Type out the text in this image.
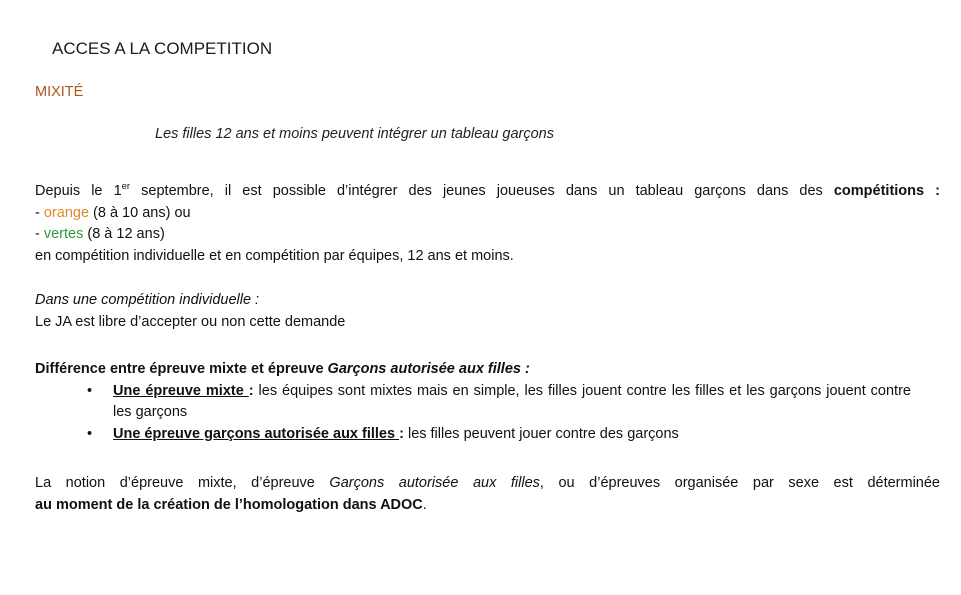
ACCES A LA COMPETITION
MIXITÉ
Les filles 12 ans et moins peuvent intégrer un tableau garçons
Depuis le 1er septembre, il est possible d’intégrer des jeunes joueuses dans un tableau garçons dans des compétitions :
- orange (8 à 10 ans) ou
- vertes (8 à 12 ans)
en compétition individuelle et en compétition par équipes, 12 ans et moins.
Dans une compétition individuelle :
Le JA est libre d’accepter ou non cette demande
Différence entre épreuve mixte et épreuve Garçons autorisée aux filles :
• Une épreuve mixte : les équipes sont mixtes mais en simple, les filles jouent contre les filles et les garçons jouent contre les garçons
• Une épreuve garçons autorisée aux filles : les filles peuvent jouer contre des garçons
La notion d’épreuve mixte, d’épreuve Garçons autorisée aux filles, ou d’épreuves organisée par sexe est déterminée
au moment de la création de l’homologation dans ADOC.
